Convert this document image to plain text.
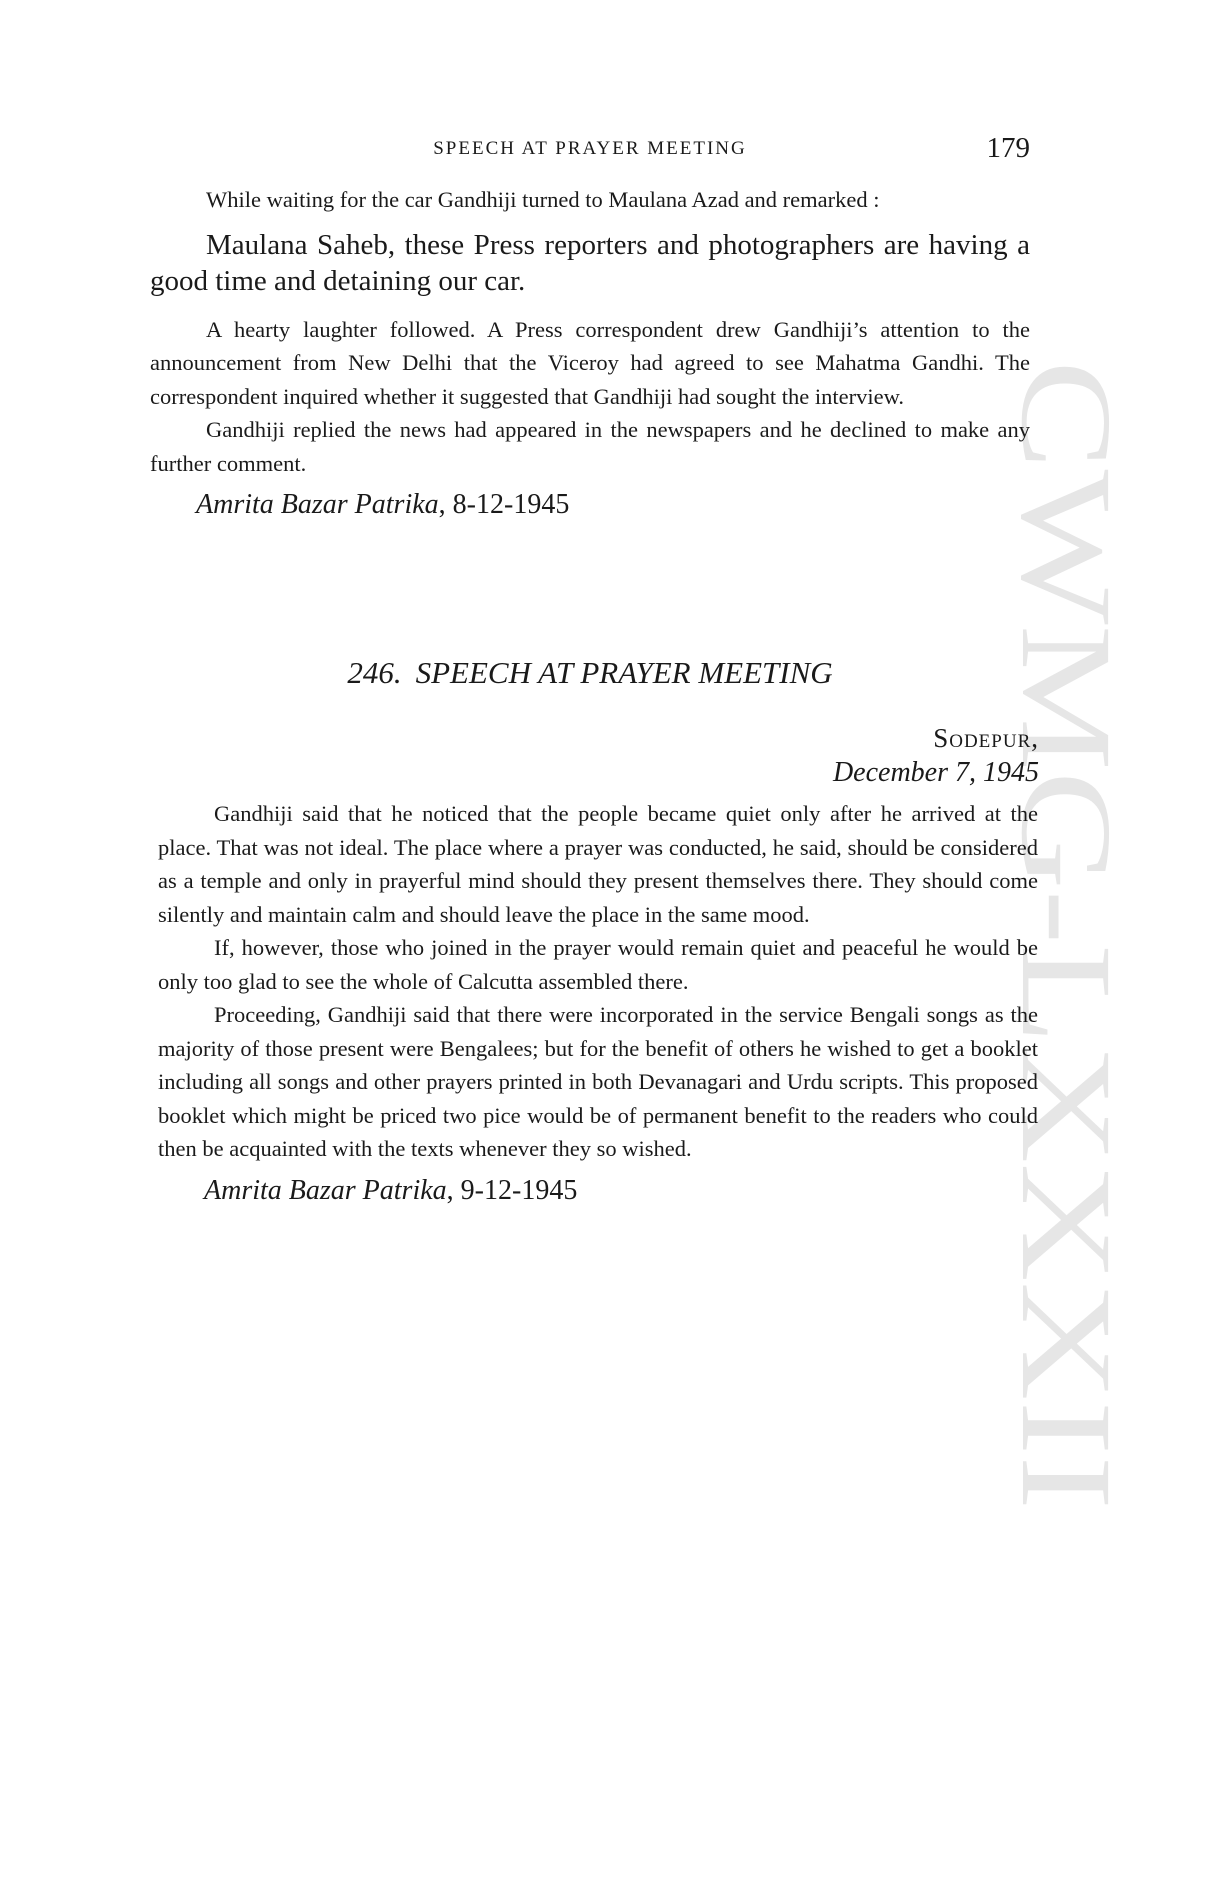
CWMG-LXXXII
SPEECH AT PRAYER MEETING	179

While waiting for the car Gandhiji turned to Maulana Azad and remarked :

Maulana Saheb, these Press reporters and photographers are having a good time and detaining our car.

A hearty laughter followed. A Press correspondent drew Gandhiji’s attention to the announcement from New Delhi that the Viceroy had agreed to see Mahatma Gandhi. The correspondent inquired whether it suggested that Gandhiji had sought the interview.

Gandhiji replied the news had appeared in the newspapers and he declined to make any further comment.

Amrita Bazar Patrika, 8-12-1945

246. SPEECH AT PRAYER MEETING
Sodepur,
December 7, 1945

Gandhiji said that he noticed that the people became quiet only after he arrived at the place. That was not ideal. The place where a prayer was conducted, he said, should be considered as a temple and only in prayerful mind should they present themselves there. They should come silently and maintain calm and should leave the place in the same mood.

If, however, those who joined in the prayer would remain quiet and peaceful he would be only too glad to see the whole of Calcutta assembled there.

Proceeding, Gandhiji said that there were incorporated in the service Bengali songs as the majority of those present were Bengalees; but for the benefit of others he wished to get a booklet including all songs and other prayers printed in both Devanagari and Urdu scripts. This proposed booklet which might be priced two pice would be of permanent benefit to the readers who could then be acquainted with the texts whenever they so wished.

Amrita Bazar Patrika, 9-12-1945
